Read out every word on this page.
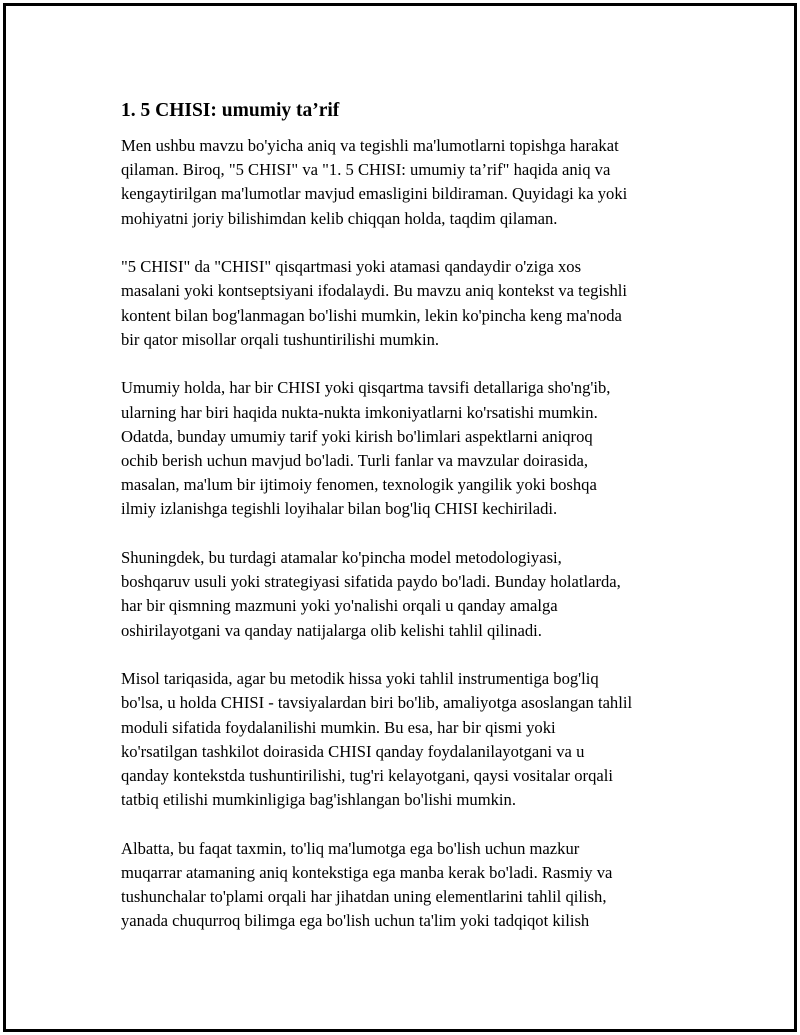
1. 5 CHISI: umumiy ta’rif

Men ushbu mavzu bo'yicha aniq va tegishli ma'lumotlarni topishga harakat
qilaman. Biroq, "5 CHISI" va "1. 5 CHISI: umumiy ta’rif" haqida aniq va
kengaytirilgan ma'lumotlar mavjud emasligini bildiraman. Quyidagi ka yoki
mohiyatni joriy bilishimdan kelib chiqqan holda, taqdim qilaman.

"5 CHISI" da "CHISI" qisqartmasi yoki atamasi qandaydir o'ziga xos
masalani yoki kontseptsiyani ifodalaydi. Bu mavzu aniq kontekst va tegishli
kontent bilan bog'lanmagan bo'lishi mumkin, lekin ko'pincha keng ma'noda
bir qator misollar orqali tushuntirilishi mumkin.

Umumiy holda, har bir CHISI yoki qisqartma tavsifi detallariga sho'ng'ib,
ularning har biri haqida nukta-nukta imkoniyatlarni ko'rsatishi mumkin.
Odatda, bunday umumiy tarif yoki kirish bo'limlari aspektlarni aniqroq
ochib berish uchun mavjud bo'ladi. Turli fanlar va mavzular doirasida,
masalan, ma'lum bir ijtimoiy fenomen, texnologik yangilik yoki boshqa
ilmiy izlanishga tegishli loyihalar bilan bog'liq CHISI kechiriladi.

Shuningdek, bu turdagi atamalar ko'pincha model metodologiyasi,
boshqaruv usuli yoki strategiyasi sifatida paydo bo'ladi. Bunday holatlarda,
har bir qismning mazmuni yoki yo'nalishi orqali u qanday amalga
oshirilayotgani va qanday natijalarga olib kelishi tahlil qilinadi.

Misol tariqasida, agar bu metodik hissa yoki tahlil instrumentiga bog'liq
bo'lsa, u holda CHISI - tavsiyalardan biri bo'lib, amaliyotga asoslangan tahlil
moduli sifatida foydalanilishi mumkin. Bu esa, har bir qismi yoki
ko'rsatilgan tashkilot doirasida CHISI qanday foydalanilayotgani va u
qanday kontekstda tushuntirilishi, tug'ri kelayotgani, qaysi vositalar orqali
tatbiq etilishi mumkinligiga bag'ishlangan bo'lishi mumkin.

Albatta, bu faqat taxmin, to'liq ma'lumotga ega bo'lish uchun mazkur
muqarrar atamaning aniq kontekstiga ega manba kerak bo'ladi. Rasmiy va
tushunchalar to'plami orqali har jihatdan uning elementlarini tahlil qilish,
yanada chuqurroq bilimga ega bo'lish uchun ta'lim yoki tadqiqot kilish
